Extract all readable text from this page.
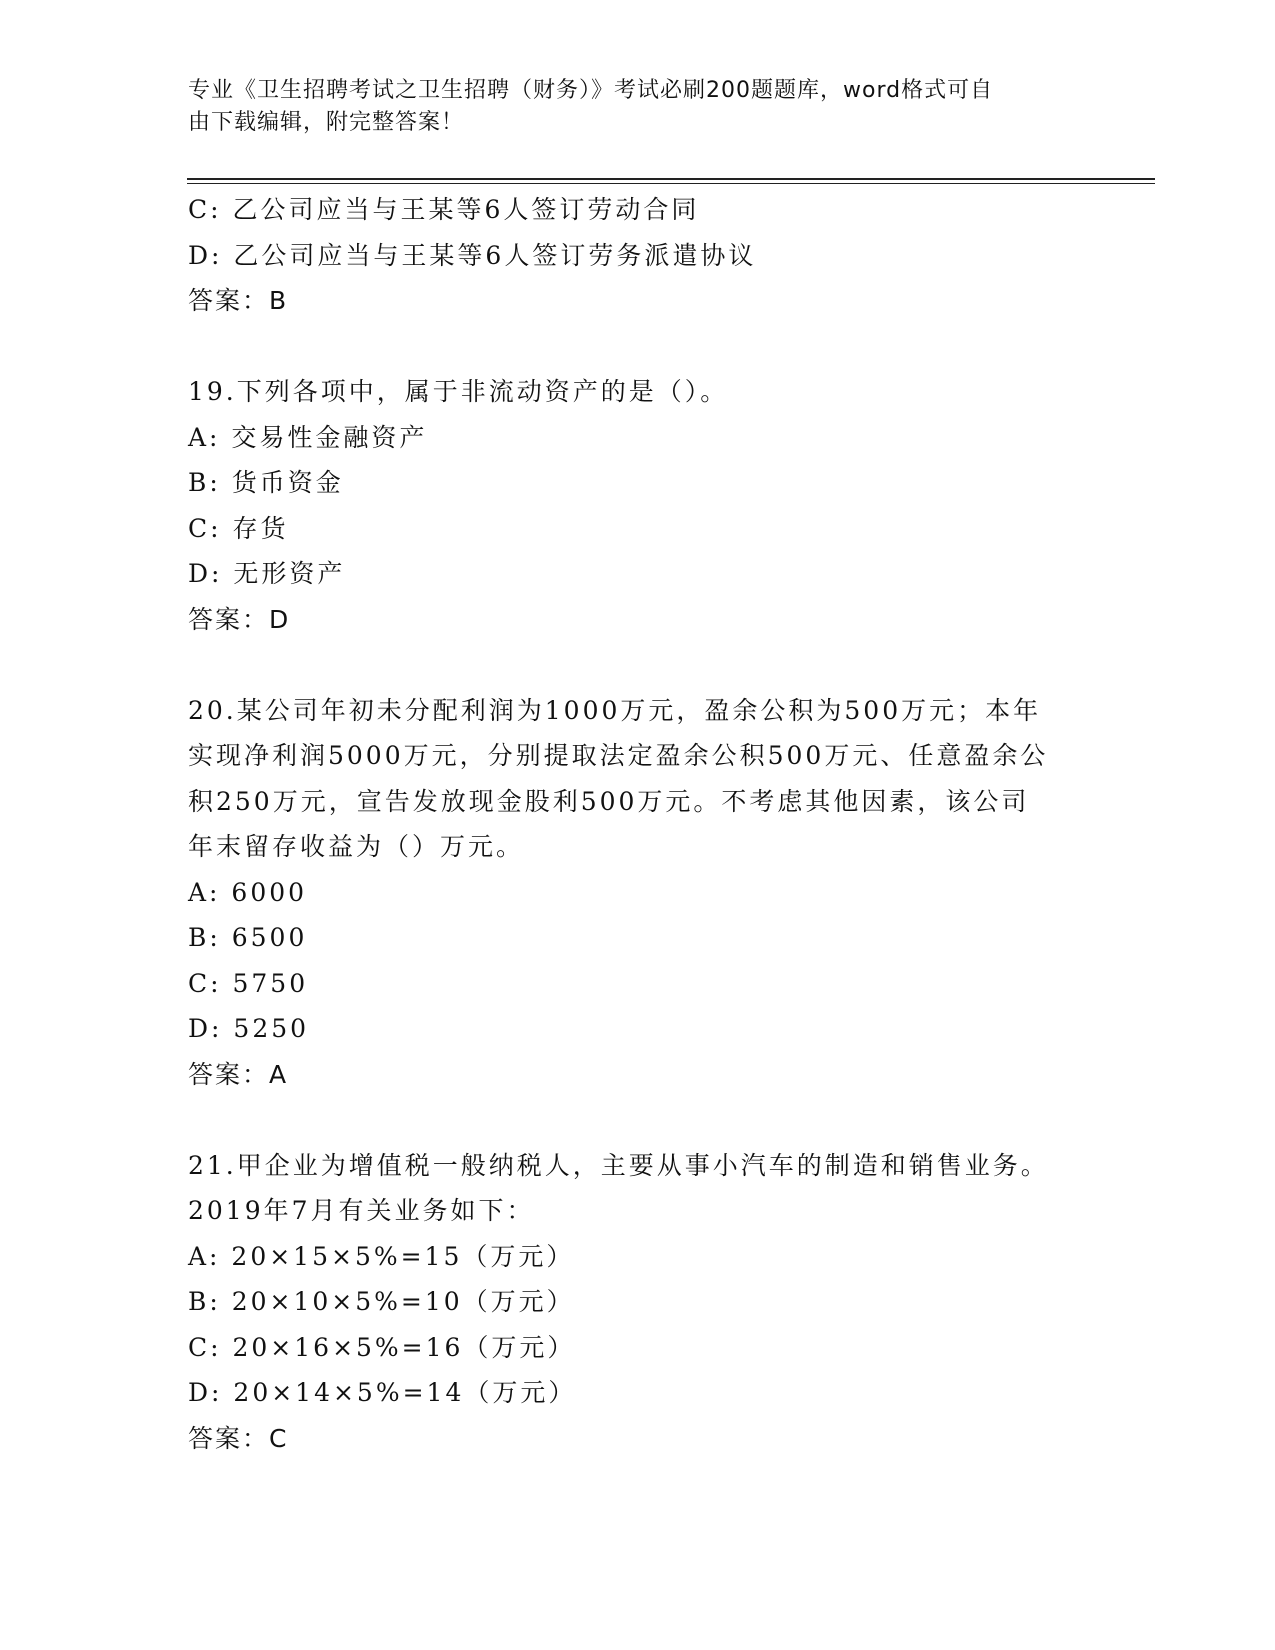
专业《卫生招聘考试之卫生招聘（财务）》考试必刷200题题库，word格式可自
由下载编辑，附完整答案！
C: 乙公司应当与王某等6人签订劳动合同
D: 乙公司应当与王某等6人签订劳务派遣协议
答案：B
19.下列各项中，属于非流动资产的是（）。
A: 交易性金融资产
B: 货币资金
C: 存货
D: 无形资产
答案：D
20.某公司年初未分配利润为1000万元，盈余公积为500万元；本年
实现净利润5000万元，分别提取法定盈余公积500万元、任意盈余公
积250万元，宣告发放现金股利500万元。不考虑其他因素，该公司
年末留存收益为（）万元。
A: 6000
B: 6500
C: 5750
D: 5250
答案：A
21.甲企业为增值税一般纳税人，主要从事小汽车的制造和销售业务。
2019年7月有关业务如下：
A: 20×15×5%=15（万元）
B: 20×10×5%=10（万元）
C: 20×16×5%=16（万元）
D: 20×14×5%=14（万元）
答案：C
